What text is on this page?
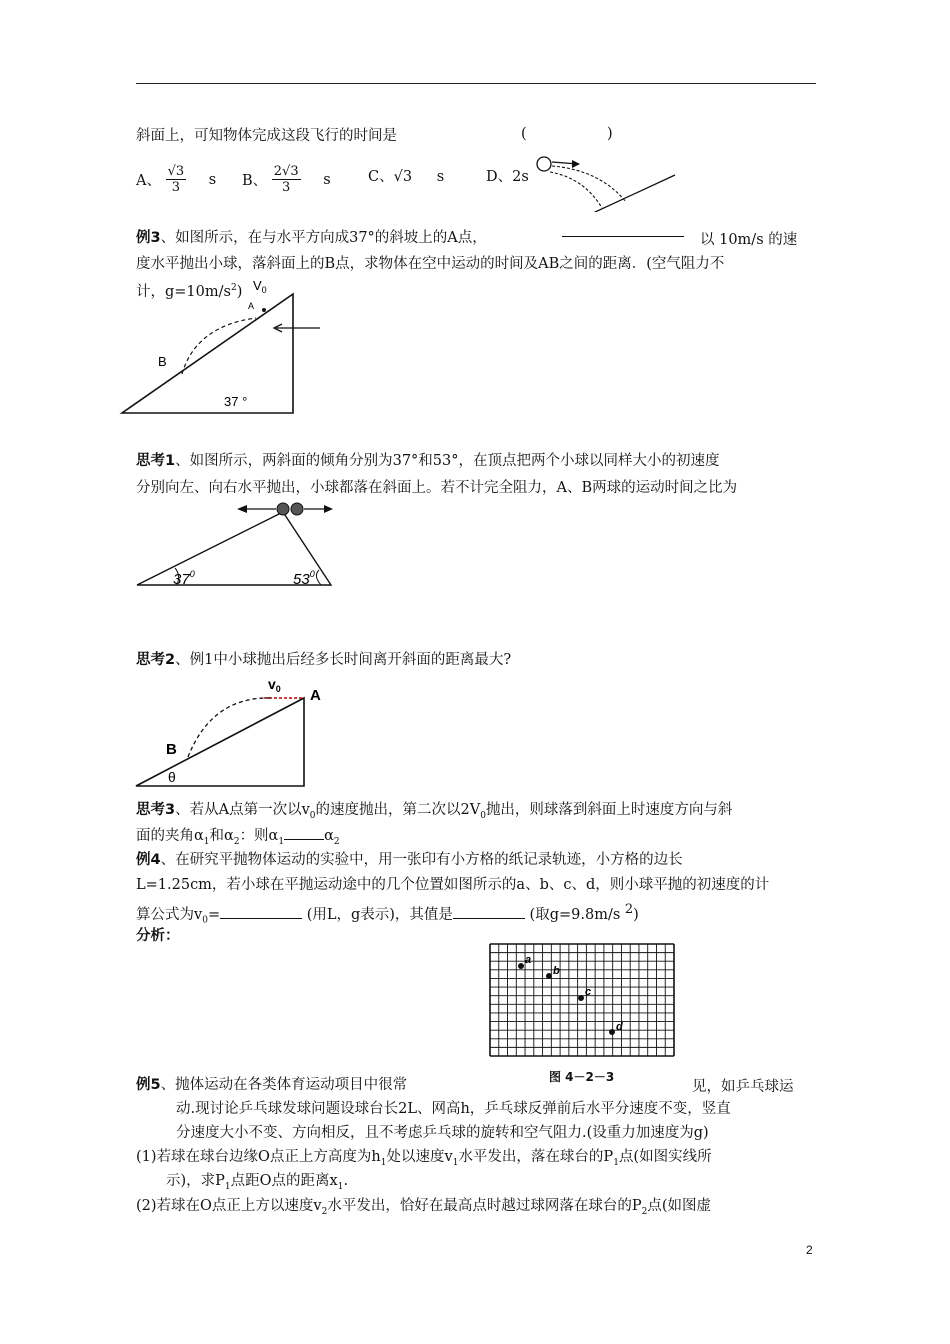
斜面上，可知物体完成这段飞行的时间是	(	)
A、 $\frac{√3}{3}$ s B、 $\frac{2√3}{3}$ s	C、√3 s	D、2s
例3、如图所示，在与水平方向成37°的斜坡上的A点，	以 10m/s 的速
度水平抛出小球，落斜面上的B点，求物体在空中运动的时间及AB之间的距离．(空气阻力不
计，$g=10m/s^2$) $V_0$
A
B
37 °
思考1、如图所示，两斜面的倾角分别为37°和53°，在顶点把两个小球以同样大小的初速度
分别向左、向右水平抛出，小球都落在斜面上。若不计完全阻力，A、B两球的运动时间之比为
$37^0$	$53^0$
思考2、例1中小球抛出后经多长时间离开斜面的距离最大?
$v_0$ A
B
θ
思考3、若从A点第一次以$v_0$的速度抛出，第二次以$2V_0$抛出，则球落到斜面上时速度方向与斜
面的夹角$\alpha_1$和$\alpha_2$：则$\alpha_1$	$\alpha_2$
例4、在研究平抛物体运动的实验中，用一张印有小方格的纸记录轨迹，小方格的边长
L=1.25cm，若小球在平抛运动途中的几个位置如图所示的a、b、c、d，则小球平抛的初速度的计
算公式为$v_0=$	(用L，g表示)，其值是	(取g=9.8m/s $^2$)
分析：
a
b
c
d
图 4－2－3
例5、抛体运动在各类体育运动项目中很常	见，如乒乓球运
动.现讨论乒乓球发球问题设球台长2L、网高h，乒乓球反弹前后水平分速度不变，竖直
分速度大小不变、方向相反，且不考虑乒乓球的旋转和空气阻力.(设重力加速度为g)
(1)若球在球台边缘O点正上方高度为$h_1$处以速度$v_1$水平发出，落在球台的$P_1$点(如图实线所
示)，求$P_1$点距O点的距离$x_1$.
(2)若球在O点正上方以速度$v_2$水平发出，恰好在最高点时越过球网落在球台的$P_2$点(如图虚
2
